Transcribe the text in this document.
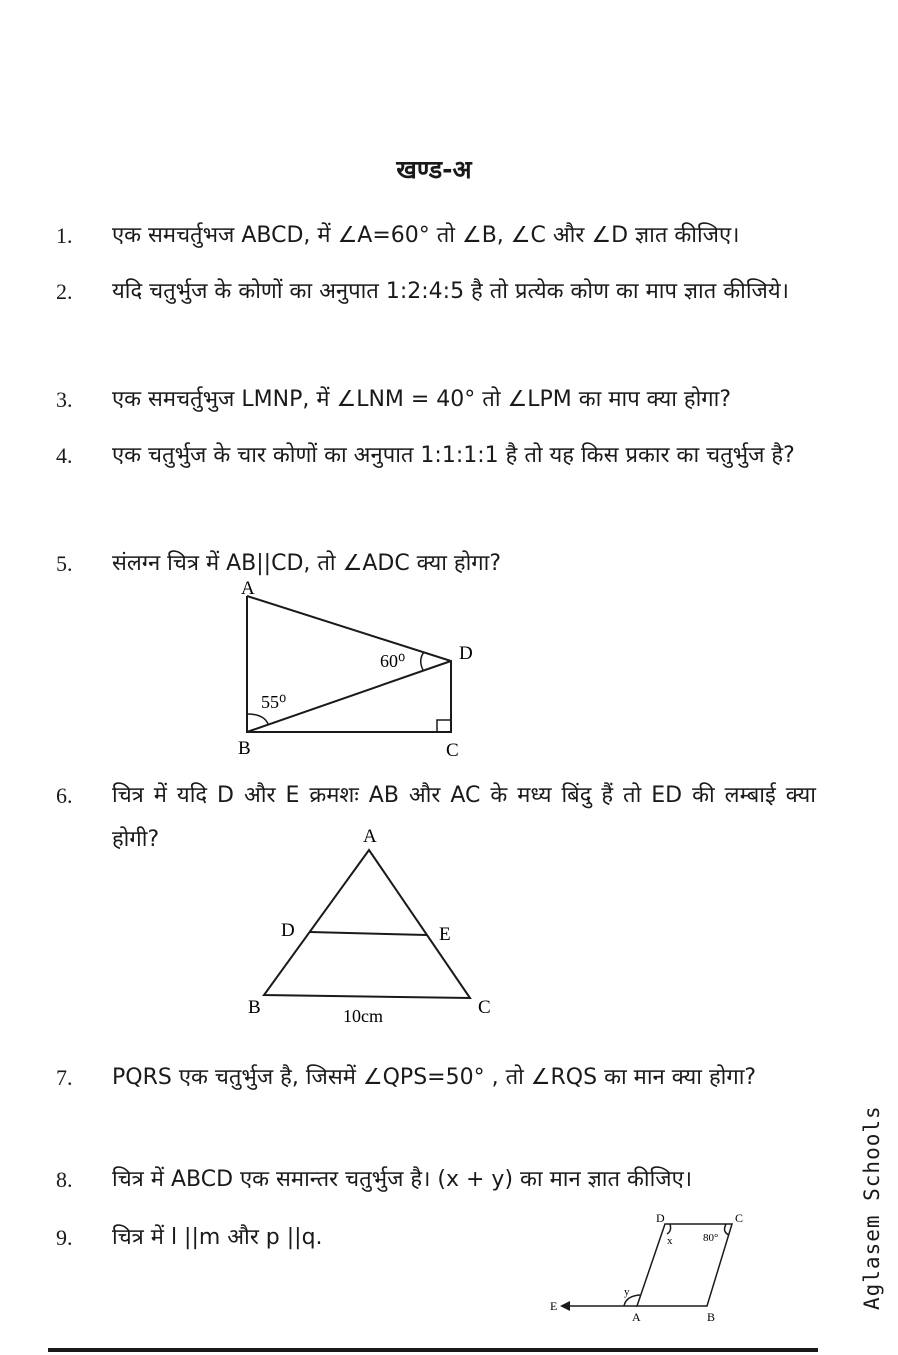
खण्ड-अ
1. एक समचर्तुभज ABCD, में ∠A=60° तो ∠B, ∠C और ∠D ज्ञात कीजिए।
2. यदि चतुर्भुज के कोणों का अनुपात 1:2:4:5 है तो प्रत्येक कोण का माप ज्ञात कीजिये।
3. एक समचर्तुभुज LMNP, में ∠LNM = 40° तो ∠LPM का माप क्या होगा?
4. एक चतुर्भुज के चार कोणों का अनुपात 1:1:1:1 है तो यह किस प्रकार का चतुर्भुज है?
5. संलग्न चित्र में AB||CD, तो ∠ADC क्या होगा?
A
B	C
D
60⁰
55⁰
6. चित्र में यदि D और E क्रमशः AB और AC के मध्य बिंदु हैं तो ED की लम्बाई क्या होगी?	A
B	C
D	E
10cm
7. PQRS एक चतुर्भुज है, जिसमें ∠QPS=50° , तो ∠RQS का मान क्या होगा?
8. चित्र में ABCD एक समान्तर चतुर्भुज है। (x + y) का मान ज्ञात कीजिए।
9. चित्र में l ||m और p ||q.
E
A	B
C
D
x	80°
y	Aglasem Schools
